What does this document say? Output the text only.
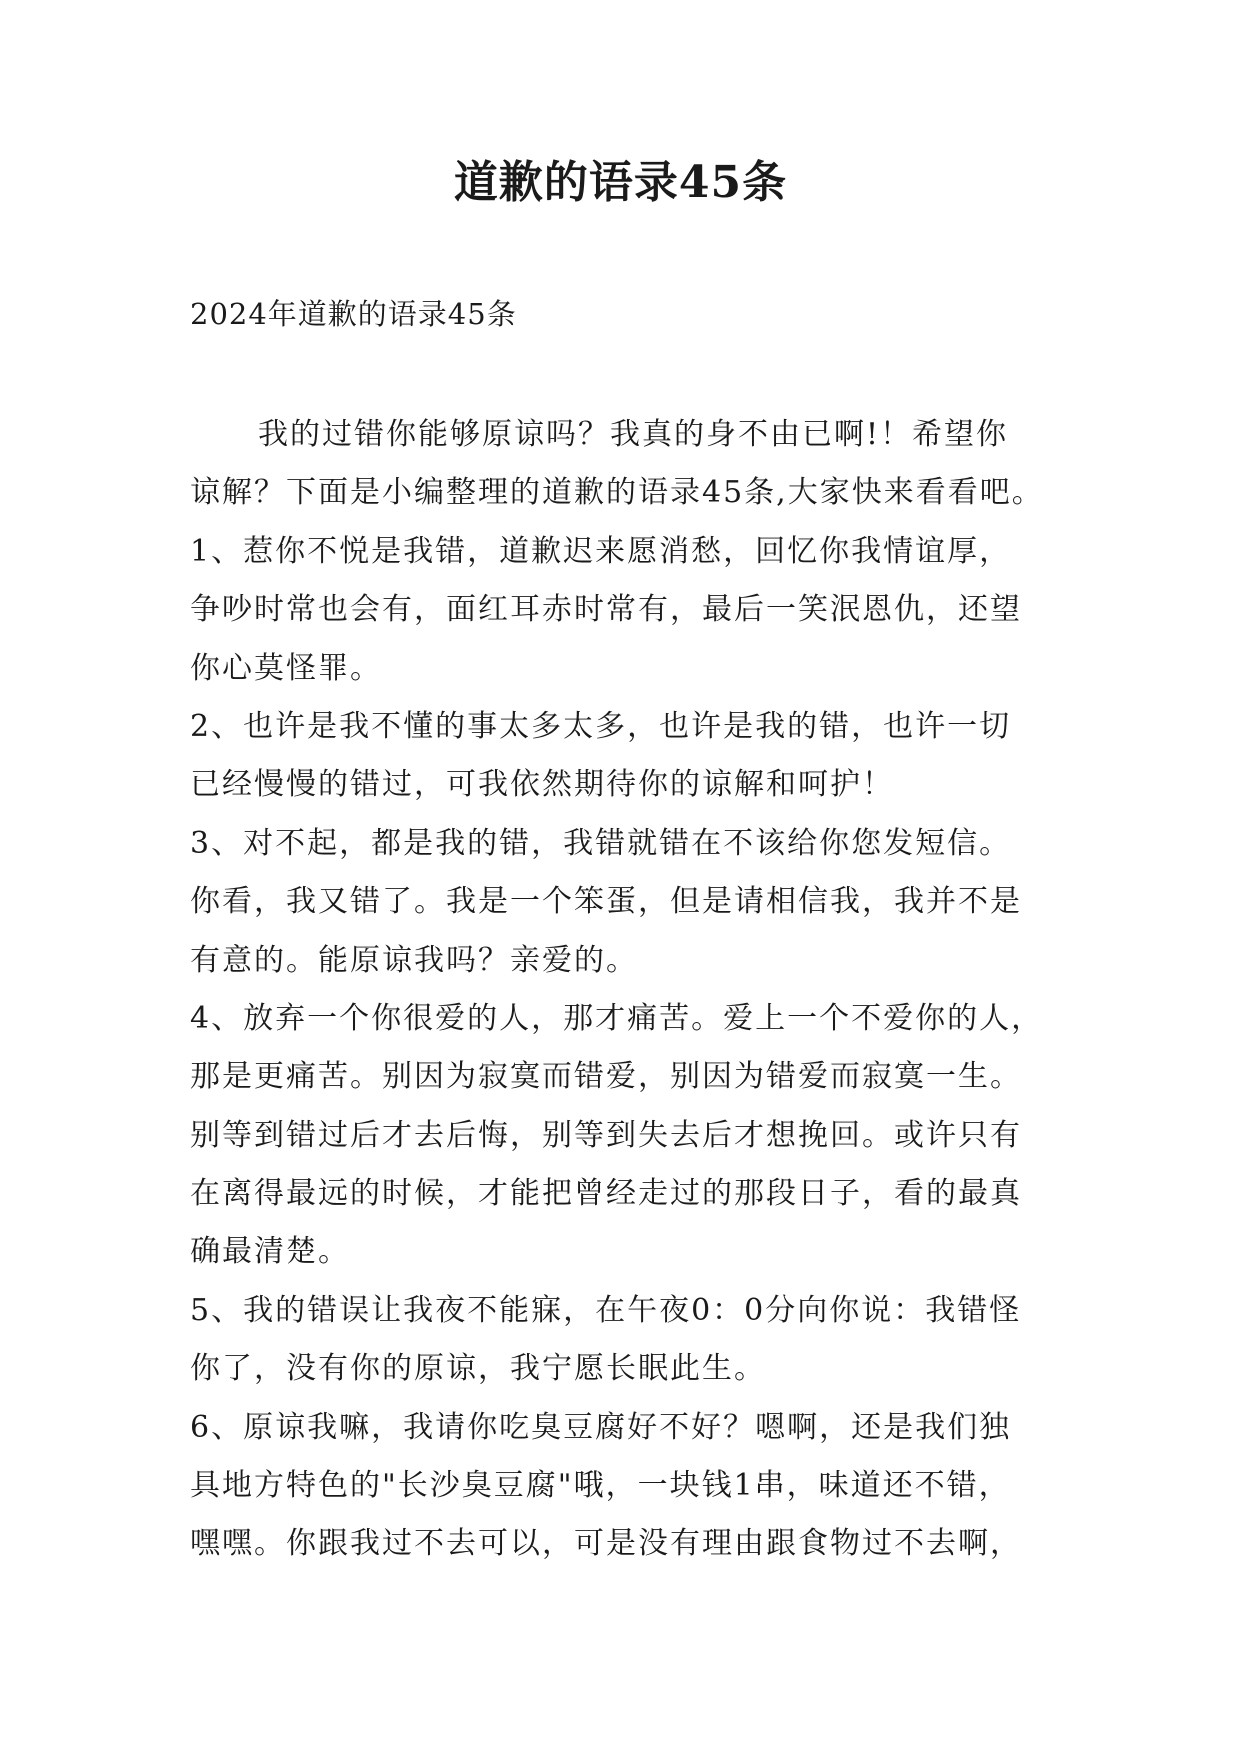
道歉的语录45条
2024年道歉的语录45条
我的过错你能够原谅吗？我真的身不由已啊!！希望你
谅解？下面是小编整理的道歉的语录45条,大家快来看看吧。
1、惹你不悦是我错，道歉迟来愿消愁，回忆你我情谊厚，
争吵时常也会有，面红耳赤时常有，最后一笑泯恩仇，还望
你心莫怪罪。
2、也许是我不懂的事太多太多，也许是我的错，也许一切
已经慢慢的错过，可我依然期待你的谅解和呵护！
3、对不起，都是我的错，我错就错在不该给你您发短信。
你看，我又错了。我是一个笨蛋，但是请相信我，我并不是
有意的。能原谅我吗？亲爱的。
4、放弃一个你很爱的人，那才痛苦。爱上一个不爱你的人，
那是更痛苦。别因为寂寞而错爱，别因为错爱而寂寞一生。
别等到错过后才去后悔，别等到失去后才想挽回。或许只有
在离得最远的时候，才能把曾经走过的那段日子，看的最真
确最清楚。
5、我的错误让我夜不能寐，在午夜0：0分向你说：我错怪
你了，没有你的原谅，我宁愿长眠此生。
6、原谅我嘛，我请你吃臭豆腐好不好？嗯啊，还是我们独
具地方特色的"长沙臭豆腐"哦，一块钱1串，味道还不错，
嘿嘿。你跟我过不去可以，可是没有理由跟食物过不去啊，
